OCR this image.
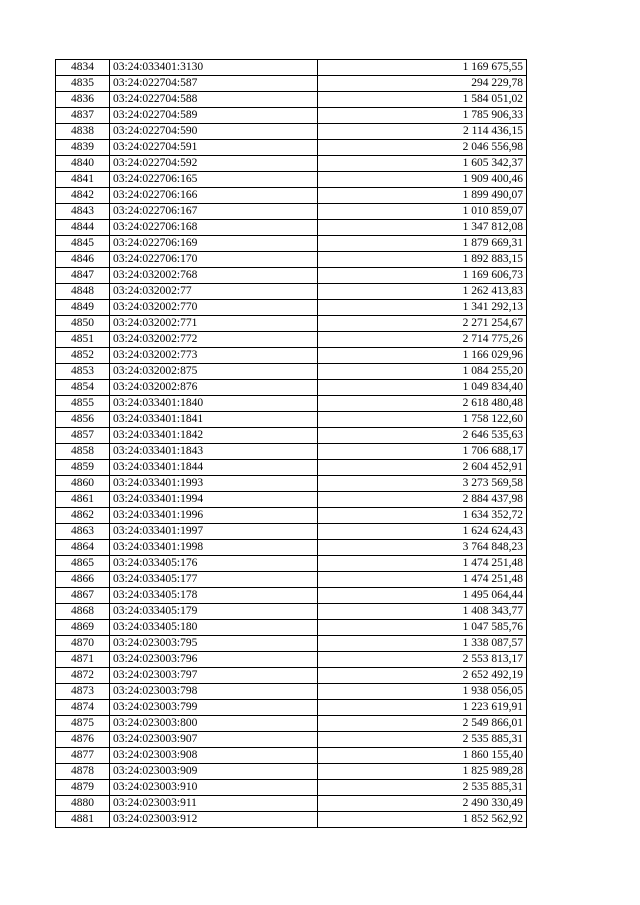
4834	03:24:033401:3130	1 169 675,55
4835	03:24:022704:587	294 229,78
4836	03:24:022704:588	1 584 051,02
4837	03:24:022704:589	1 785 906,33
4838	03:24:022704:590	2 114 436,15
4839	03:24:022704:591	2 046 556,98
4840	03:24:022704:592	1 605 342,37
4841	03:24:022706:165	1 909 400,46
4842	03:24:022706:166	1 899 490,07
4843	03:24:022706:167	1 010 859,07
4844	03:24:022706:168	1 347 812,08
4845	03:24:022706:169	1 879 669,31
4846	03:24:022706:170	1 892 883,15
4847	03:24:032002:768	1 169 606,73
4848	03:24:032002:77	1 262 413,83
4849	03:24:032002:770	1 341 292,13
4850	03:24:032002:771	2 271 254,67
4851	03:24:032002:772	2 714 775,26
4852	03:24:032002:773	1 166 029,96
4853	03:24:032002:875	1 084 255,20
4854	03:24:032002:876	1 049 834,40
4855	03:24:033401:1840	2 618 480,48
4856	03:24:033401:1841	1 758 122,60
4857	03:24:033401:1842	2 646 535,63
4858	03:24:033401:1843	1 706 688,17
4859	03:24:033401:1844	2 604 452,91
4860	03:24:033401:1993	3 273 569,58
4861	03:24:033401:1994	2 884 437,98
4862	03:24:033401:1996	1 634 352,72
4863	03:24:033401:1997	1 624 624,43
4864	03:24:033401:1998	3 764 848,23
4865	03:24:033405:176	1 474 251,48
4866	03:24:033405:177	1 474 251,48
4867	03:24:033405:178	1 495 064,44
4868	03:24:033405:179	1 408 343,77
4869	03:24:033405:180	1 047 585,76
4870	03:24:023003:795	1 338 087,57
4871	03:24:023003:796	2 553 813,17
4872	03:24:023003:797	2 652 492,19
4873	03:24:023003:798	1 938 056,05
4874	03:24:023003:799	1 223 619,91
4875	03:24:023003:800	2 549 866,01
4876	03:24:023003:907	2 535 885,31
4877	03:24:023003:908	1 860 155,40
4878	03:24:023003:909	1 825 989,28
4879	03:24:023003:910	2 535 885,31
4880	03:24:023003:911	2 490 330,49
4881	03:24:023003:912	1 852 562,92
